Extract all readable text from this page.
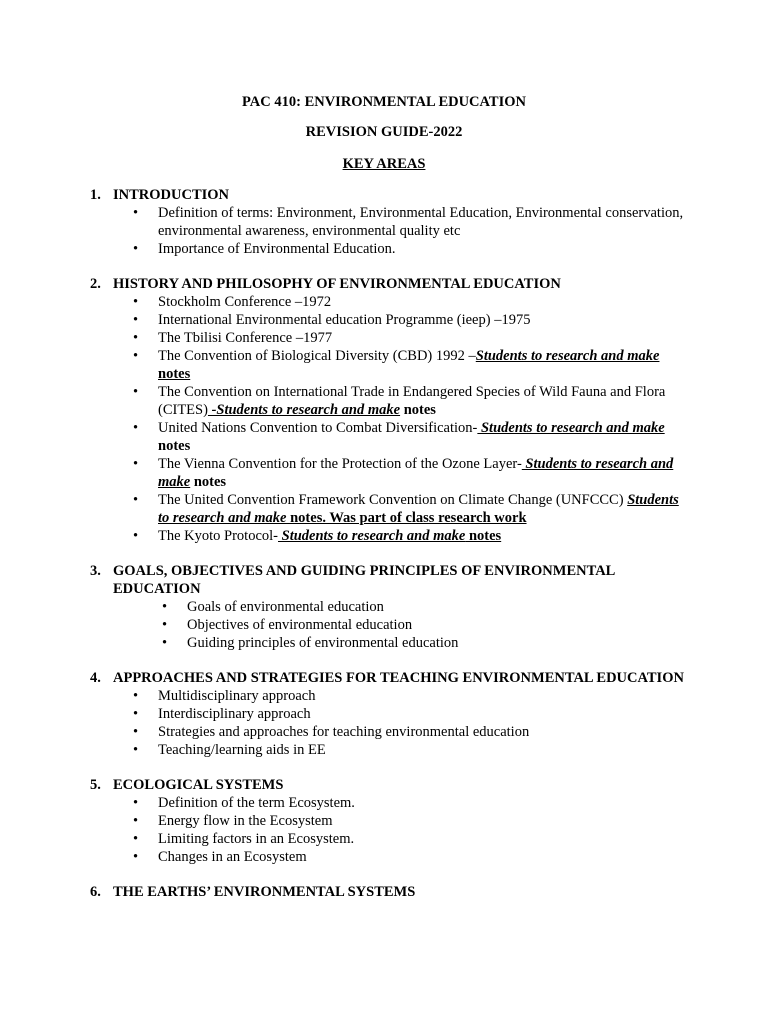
PAC 410: ENVIRONMENTAL EDUCATION
REVISION GUIDE-2022
KEY AREAS
1. INTRODUCTION
• Definition of terms: Environment, Environmental Education, Environmental conservation, environmental awareness, environmental quality etc
• Importance of Environmental Education.
2. HISTORY AND PHILOSOPHY OF ENVIRONMENTAL EDUCATION
• Stockholm Conference –1972
• International Environmental education Programme (ieep) –1975
• The Tbilisi Conference –1977
• The Convention of Biological Diversity (CBD) 1992 –Students to research and make notes
• The Convention on International Trade in Endangered Species of Wild Fauna and Flora (CITES) -Students to research and make notes
• United Nations Convention to Combat Diversification- Students to research and make notes
• The Vienna Convention for the Protection of the Ozone Layer- Students to research and make notes
• The United Convention Framework Convention on Climate Change (UNFCCC) Students to research and make notes. Was part of class research work
• The Kyoto Protocol- Students to research and make notes
3. GOALS, OBJECTIVES AND GUIDING PRINCIPLES OF ENVIRONMENTAL EDUCATION
• Goals of environmental education
• Objectives of environmental education
• Guiding principles of environmental education
4. APPROACHES AND STRATEGIES FOR TEACHING ENVIRONMENTAL EDUCATION
• Multidisciplinary approach
• Interdisciplinary approach
• Strategies and approaches for teaching environmental education
• Teaching/learning aids in EE
5. ECOLOGICAL SYSTEMS
• Definition of the term Ecosystem.
• Energy flow in the Ecosystem
• Limiting factors in an Ecosystem.
• Changes in an Ecosystem
6. THE EARTHS’ ENVIRONMENTAL SYSTEMS
